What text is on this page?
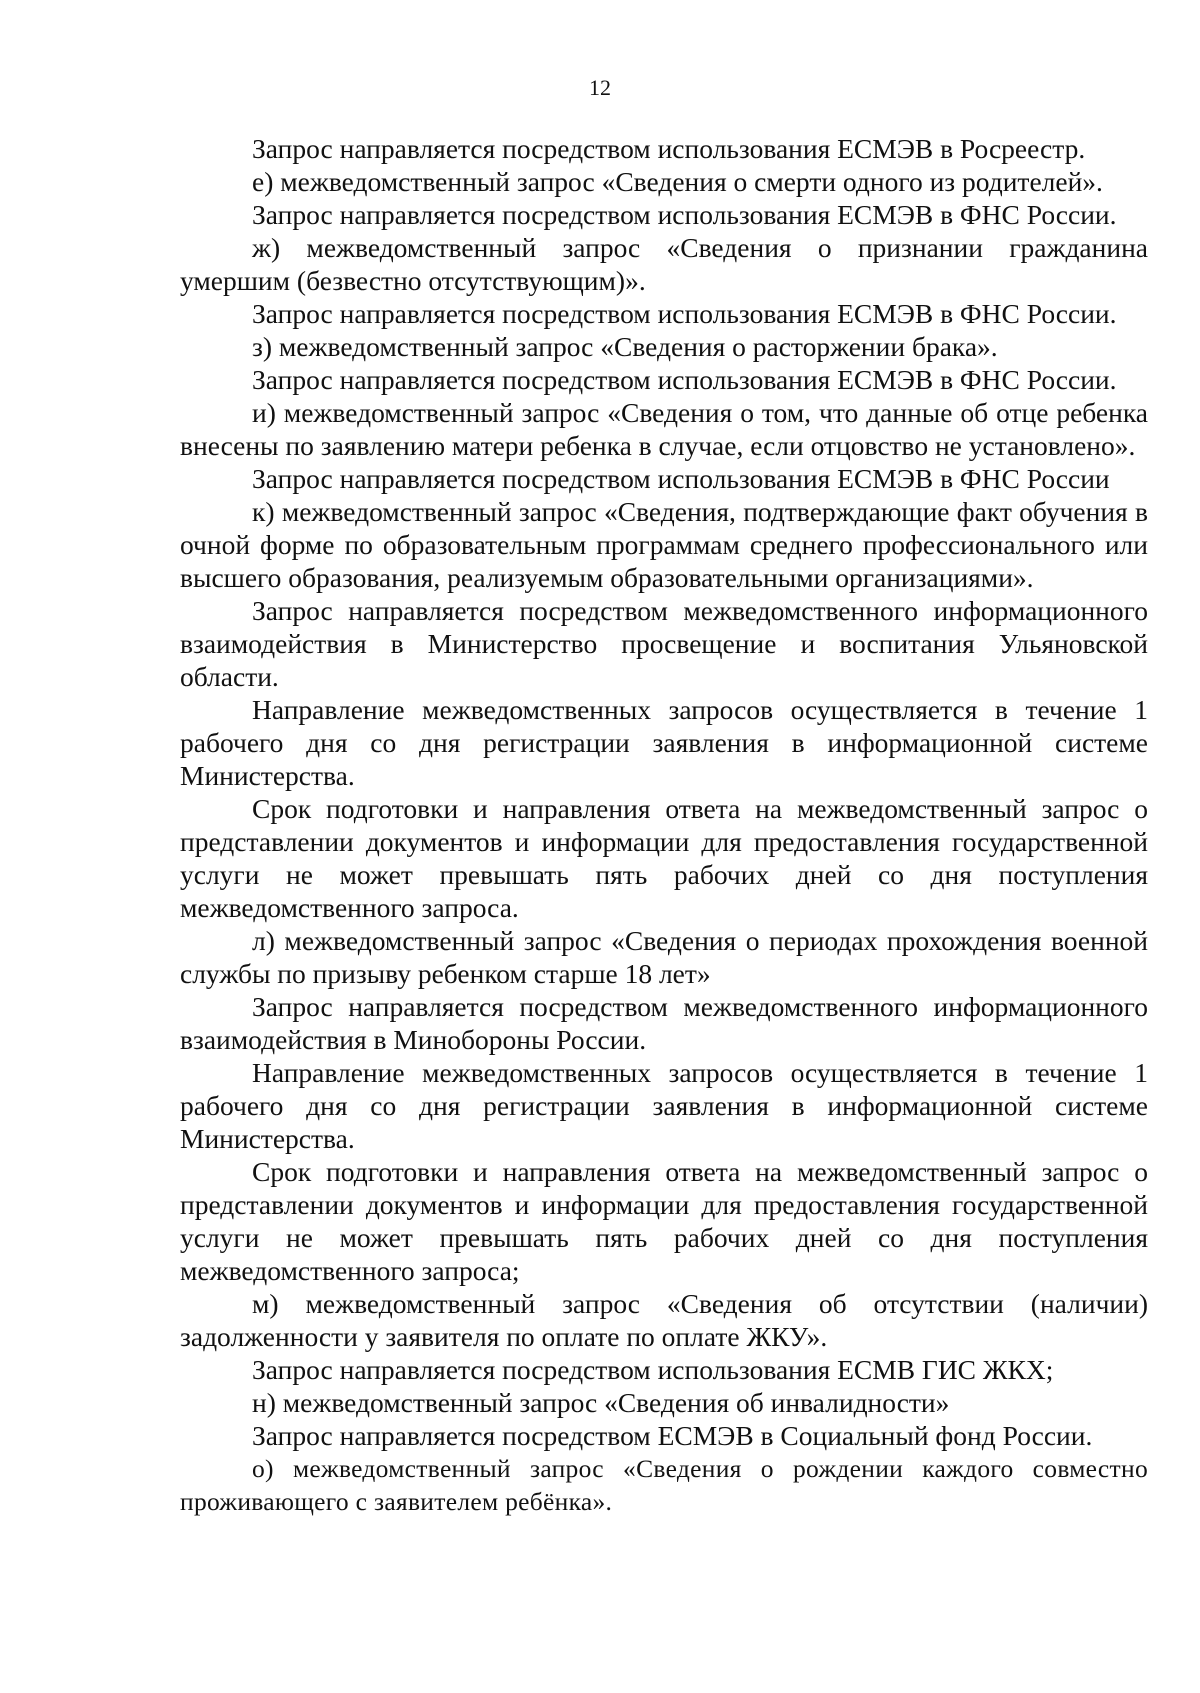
12

Запрос направляется посредством использования ЕСМЭВ в Росреестр.

е) межведомственный запрос «Сведения о смерти одного из родителей».

Запрос направляется посредством использования ЕСМЭВ в ФНС России.

ж) межведомственный запрос «Сведения о признании гражданина умершим (безвестно отсутствующим)».

Запрос направляется посредством использования ЕСМЭВ в ФНС России.

з) межведомственный запрос «Сведения о расторжении брака».

Запрос направляется посредством использования ЕСМЭВ в ФНС России.

и) межведомственный запрос «Сведения о том, что данные об отце ребенка внесены по заявлению матери ребенка в случае, если отцовство не установлено».

Запрос направляется посредством использования ЕСМЭВ в ФНС России

к) межведомственный запрос «Сведения, подтверждающие факт обучения в очной форме по образовательным программам среднего профессионального или высшего образования, реализуемым образовательными организациями».

Запрос направляется посредством межведомственного информационного взаимодействия в Министерство просвещение и воспитания Ульяновской области.

Направление межведомственных запросов осуществляется в течение 1 рабочего дня со дня регистрации заявления в информационной системе Министерства.

Срок подготовки и направления ответа на межведомственный запрос о представлении документов и информации для предоставления государственной услуги не может превышать пять рабочих дней со дня поступления межведомственного запроса.

л) межведомственный запрос «Сведения о периодах прохождения военной службы по призыву ребенком старше 18 лет»

Запрос направляется посредством межведомственного информационного взаимодействия в Минобороны России.

Направление межведомственных запросов осуществляется в течение 1 рабочего дня со дня регистрации заявления в информационной системе Министерства.

Срок подготовки и направления ответа на межведомственный запрос о представлении документов и информации для предоставления государственной услуги не может превышать пять рабочих дней со дня поступления межведомственного запроса;

м) межведомственный запрос «Сведения об отсутствии (наличии) задолженности у заявителя по оплате по оплате ЖКУ».

Запрос направляется посредством использования ЕСМВ ГИС ЖКХ;

н) межведомственный запрос «Сведения об инвалидности»

Запрос направляется посредством ЕСМЭВ в Социальный фонд России.

о) межведомственный запрос «Сведения о рождении каждого совместно проживающего с заявителем ребёнка».
